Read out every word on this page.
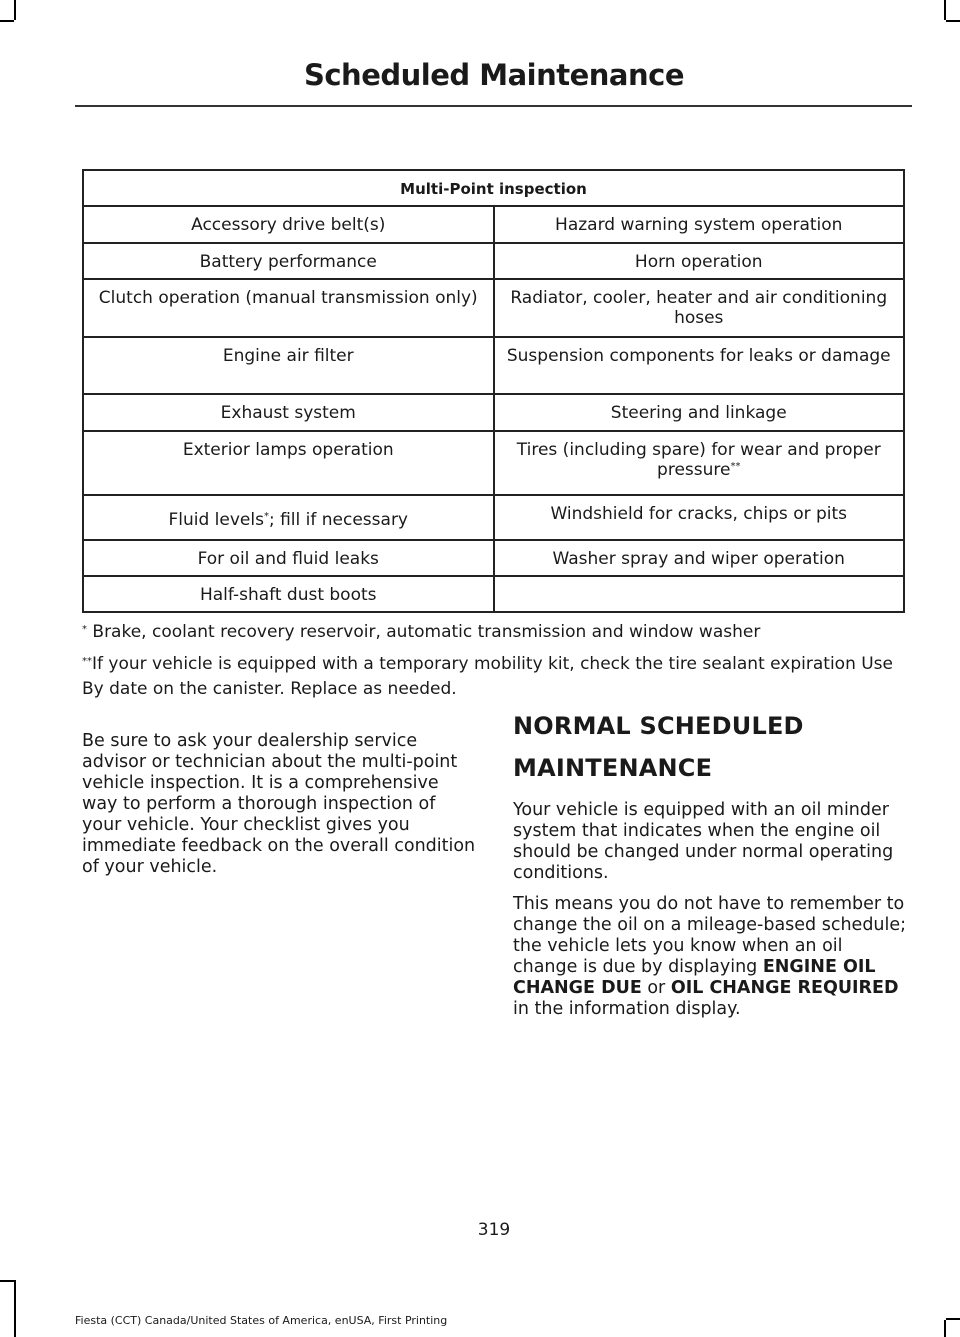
Scheduled Maintenance
Multi-Point inspection	
Accessory drive belt(s)	Hazard warning system operation
Battery performance	Horn operation
Clutch operation (manual transmission only)	Radiator, cooler, heater and air conditioning hoses
Engine air filter	Suspension components for leaks or damage
Exhaust system	Steering and linkage
Exterior lamps operation	Tires (including spare) for wear and proper pressure**
Fluid levels*; fill if necessary	Windshield for cracks, chips or pits
For oil and fluid leaks	Washer spray and wiper operation
Half-shaft dust boots	
* Brake, coolant recovery reservoir, automatic transmission and window washer
**If your vehicle is equipped with a temporary mobility kit, check the tire sealant expiration Use By date on the canister. Replace as needed.

Be sure to ask your dealership service advisor or technician about the multi-point vehicle inspection. It is a comprehensive way to perform a thorough inspection of your vehicle. Your checklist gives you immediate feedback on the overall condition of your vehicle.

NORMAL SCHEDULED
MAINTENANCE

Your vehicle is equipped with an oil minder system that indicates when the engine oil should be changed under normal operating conditions.

This means you do not have to remember to change the oil on a mileage-based schedule; the vehicle lets you know when an oil change is due by displaying ENGINE OIL CHANGE DUE or OIL CHANGE REQUIRED in the information display.

319
Fiesta (CCT) Canada/United States of America, enUSA, First Printing
